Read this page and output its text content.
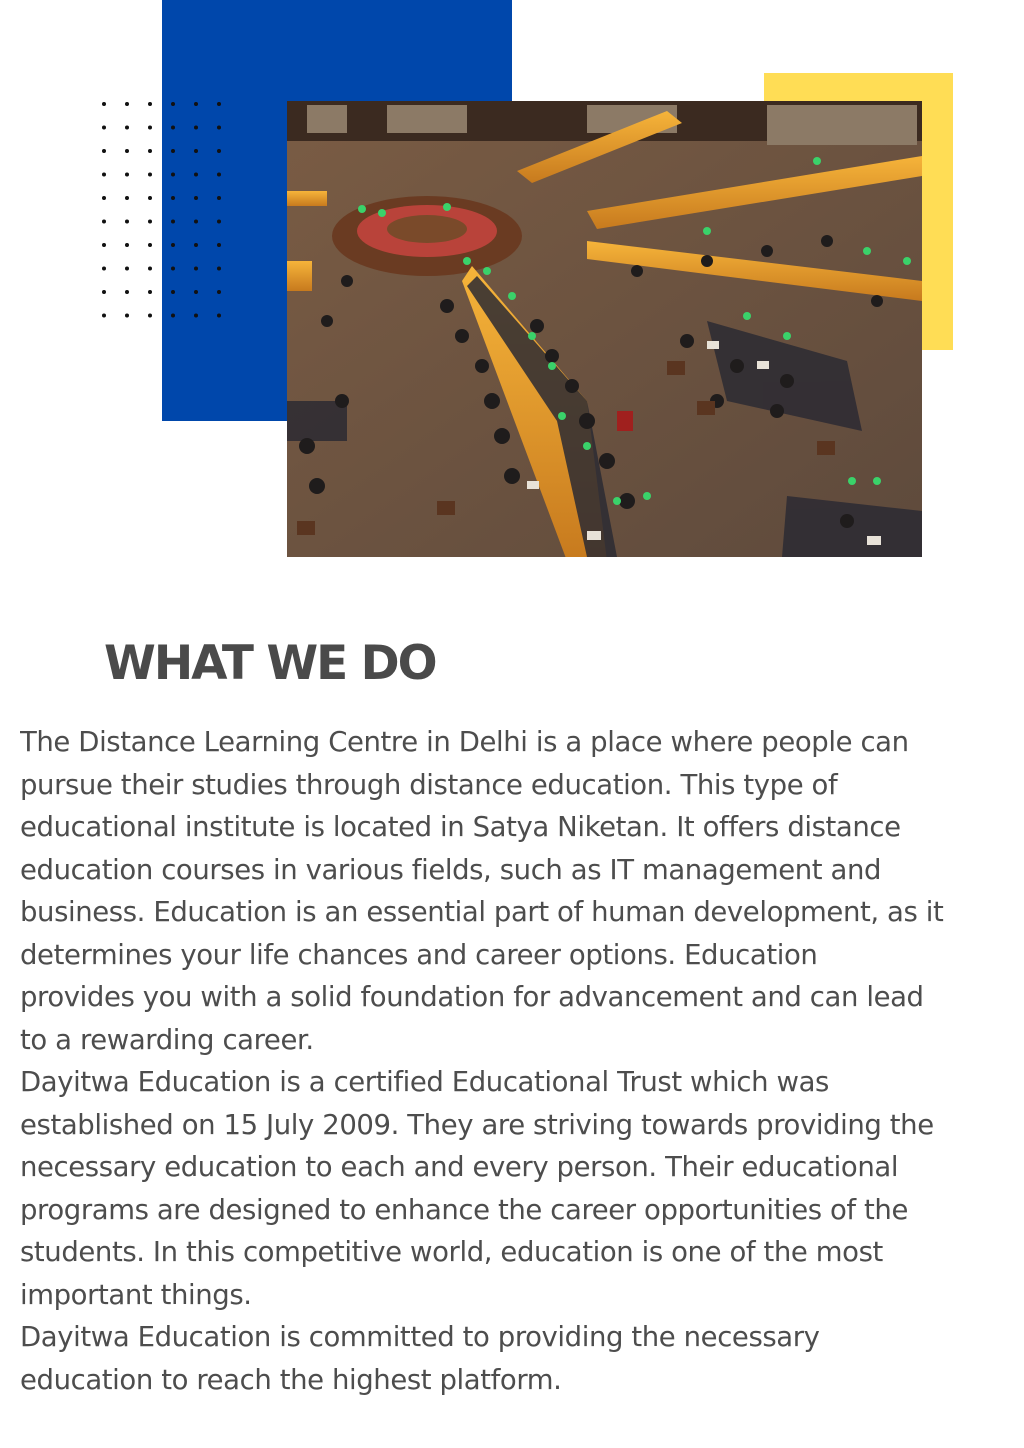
WHAT WE DO
The Distance Learning Centre in Delhi is a place where people can
pursue their studies through distance education. This type of
educational institute is located in Satya Niketan. It offers distance
education courses in various fields, such as IT management and
business. Education is an essential part of human development, as it
determines your life chances and career options. Education
provides you with a solid foundation for advancement and can lead
to a rewarding career.
Dayitwa Education is a certified Educational Trust which was
established on 15 July 2009. They are striving towards providing the
necessary education to each and every person. Their educational
programs are designed to enhance the career opportunities of the
students. In this competitive world, education is one of the most
important things.
Dayitwa Education is committed to providing the necessary
education to reach the highest platform.
